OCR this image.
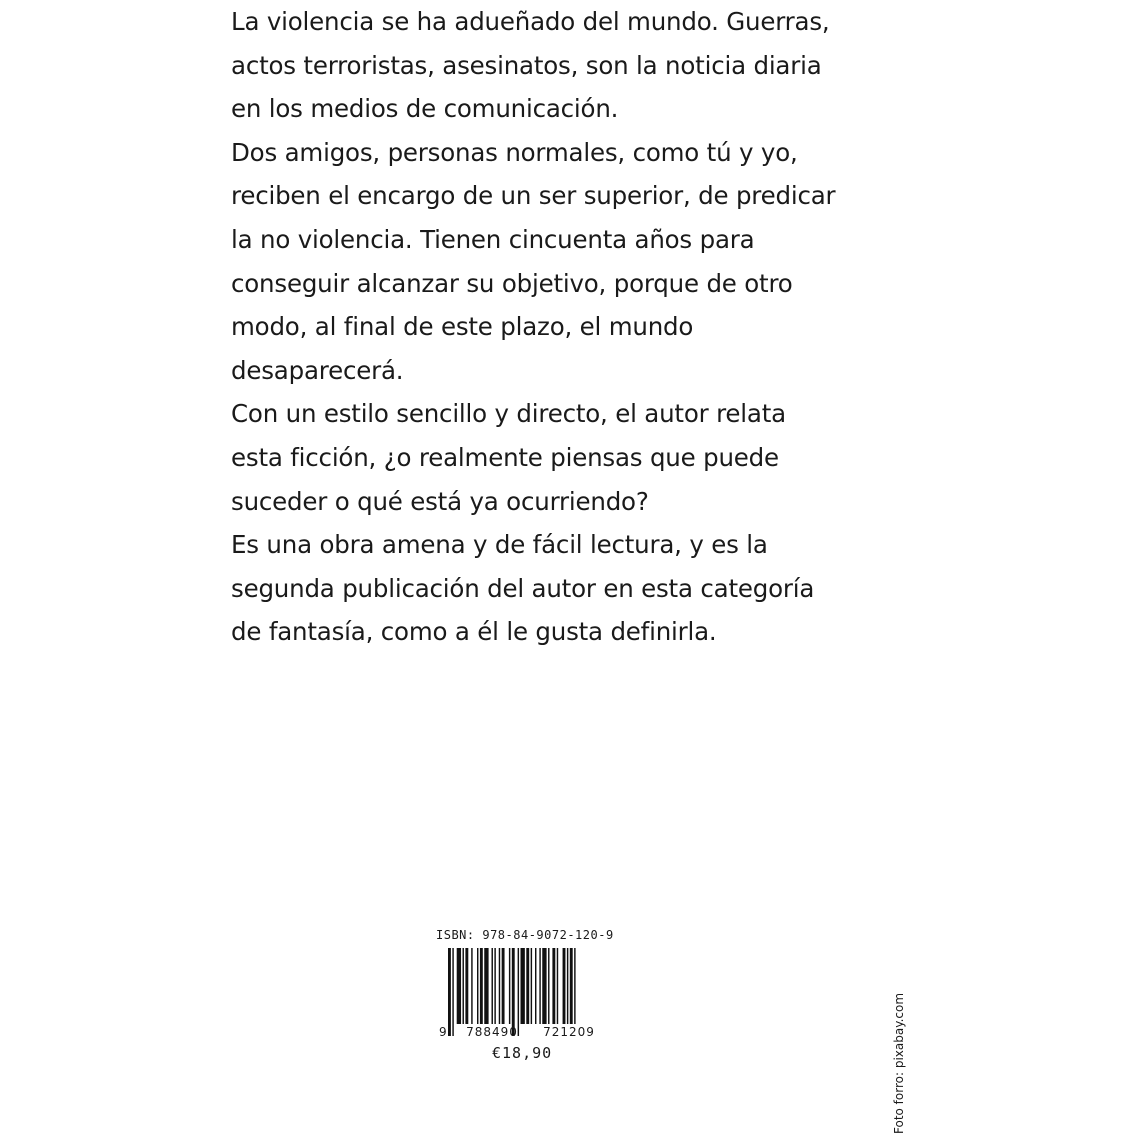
La violencia se ha adueñado del mundo. Guerras,
actos terroristas, asesinatos, son la noticia diaria
en los medios de comunicación.

Dos amigos, personas normales, como tú y yo,
reciben el encargo de un ser superior, de predicar
la no violencia. Tienen cincuenta años para
conseguir alcanzar su objetivo, porque de otro
modo, al final de este plazo, el mundo
desaparecerá.

Con un estilo sencillo y directo, el autor relata
esta ficción, ¿o realmente piensas que puede
suceder o qué está ya ocurriendo?

Es una obra amena y de fácil lectura, y es la
segunda publicación del autor en esta categoría
de fantasía, como a él le gusta definirla.

ISBN: 978-84-9072-120-9
9 788490 721209
€18,90	Foto forro: pixabay.com
